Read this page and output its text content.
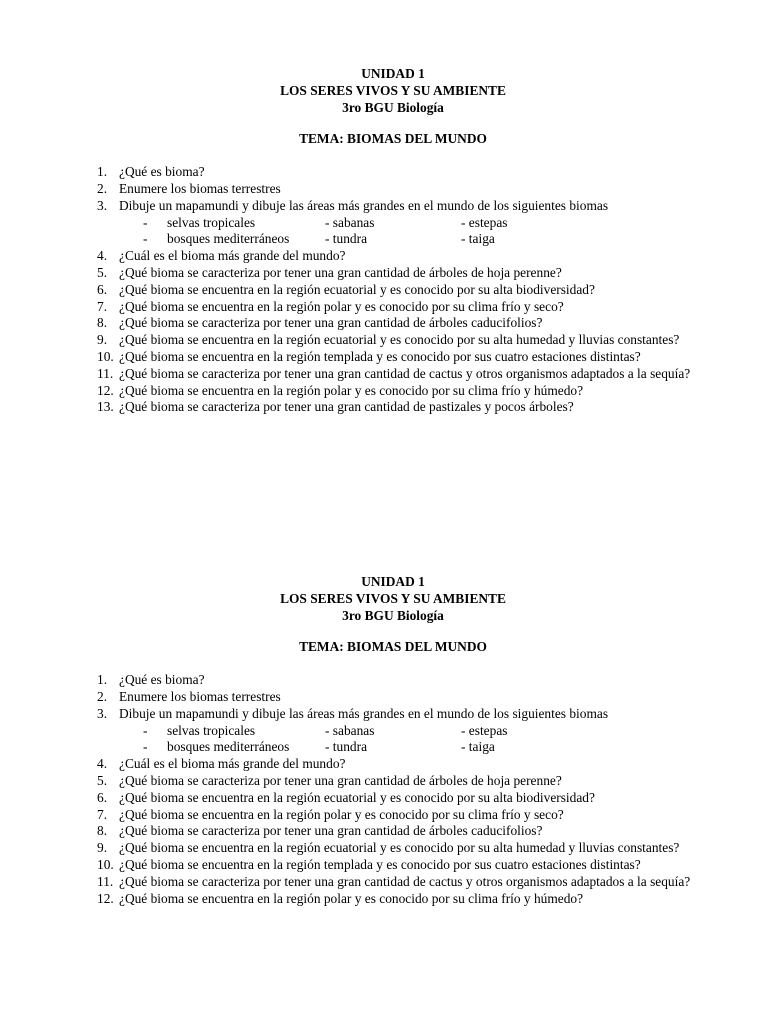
UNIDAD 1
LOS SERES VIVOS Y SU AMBIENTE
3ro BGU Biología
TEMA: BIOMAS DEL MUNDO
1. ¿Qué es bioma?
2. Enumere los biomas terrestres
3. Dibuje un mapamundi y dibuje las áreas más grandes en el mundo de los siguientes biomas
- selvas tropicales	- sabanas	- estepas
- bosques mediterráneos	- tundra	- taiga
4. ¿Cuál es el bioma más grande del mundo?
5. ¿Qué bioma se caracteriza por tener una gran cantidad de árboles de hoja perenne?
6. ¿Qué bioma se encuentra en la región ecuatorial y es conocido por su alta biodiversidad?
7. ¿Qué bioma se encuentra en la región polar y es conocido por su clima frío y seco?
8. ¿Qué bioma se caracteriza por tener una gran cantidad de árboles caducifolios?
9. ¿Qué bioma se encuentra en la región ecuatorial y es conocido por su alta humedad y lluvias constantes?
10. ¿Qué bioma se encuentra en la región templada y es conocido por sus cuatro estaciones distintas?
11. ¿Qué bioma se caracteriza por tener una gran cantidad de cactus y otros organismos adaptados a la sequía?
12. ¿Qué bioma se encuentra en la región polar y es conocido por su clima frío y húmedo?
13. ¿Qué bioma se caracteriza por tener una gran cantidad de pastizales y pocos árboles?
UNIDAD 1
LOS SERES VIVOS Y SU AMBIENTE
3ro BGU Biología
TEMA: BIOMAS DEL MUNDO
1. ¿Qué es bioma?
2. Enumere los biomas terrestres
3. Dibuje un mapamundi y dibuje las áreas más grandes en el mundo de los siguientes biomas
- selvas tropicales	- sabanas	- estepas
- bosques mediterráneos	- tundra	- taiga
4. ¿Cuál es el bioma más grande del mundo?
5. ¿Qué bioma se caracteriza por tener una gran cantidad de árboles de hoja perenne?
6. ¿Qué bioma se encuentra en la región ecuatorial y es conocido por su alta biodiversidad?
7. ¿Qué bioma se encuentra en la región polar y es conocido por su clima frío y seco?
8. ¿Qué bioma se caracteriza por tener una gran cantidad de árboles caducifolios?
9. ¿Qué bioma se encuentra en la región ecuatorial y es conocido por su alta humedad y lluvias constantes?
10. ¿Qué bioma se encuentra en la región templada y es conocido por sus cuatro estaciones distintas?
11. ¿Qué bioma se caracteriza por tener una gran cantidad de cactus y otros organismos adaptados a la sequía?
12. ¿Qué bioma se encuentra en la región polar y es conocido por su clima frío y húmedo?
